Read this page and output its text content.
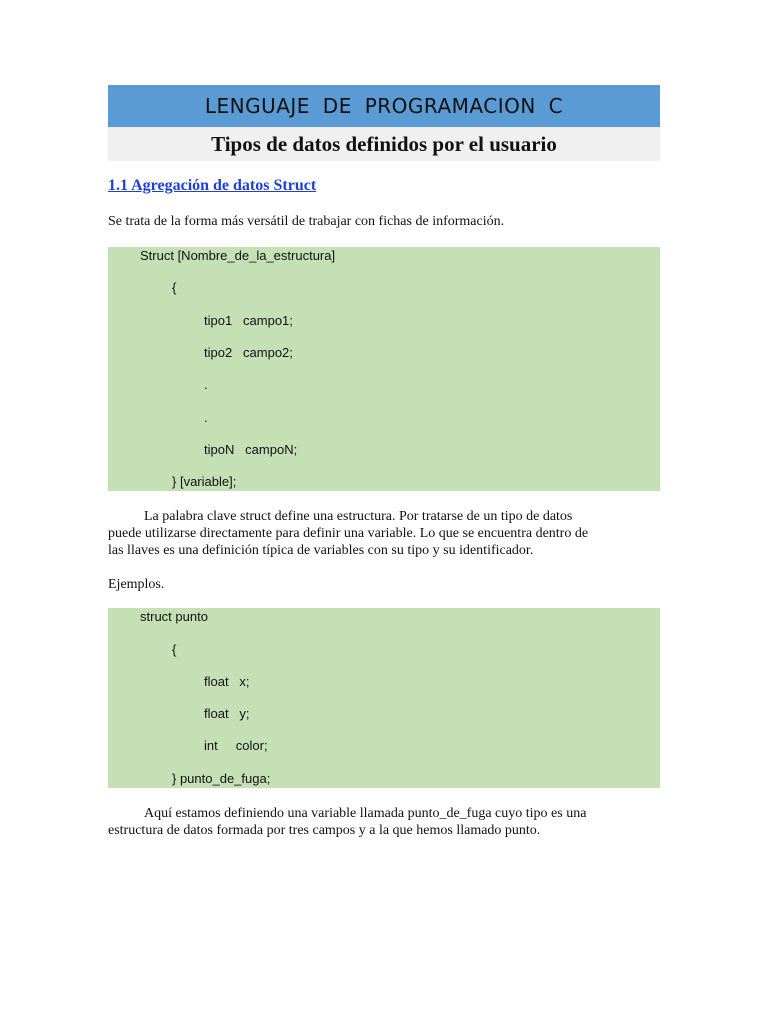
LENGUAJE DE PROGRAMACION C
Tipos de datos definidos por el usuario
1.1 Agregación de datos Struct
Se trata de la forma más versátil de trabajar con fichas de información.
Struct [Nombre_de_la_estructura]
{
tipo1   campo1;
tipo2   campo2;
.
.
tipoN   campoN;
} [variable];
La palabra clave struct define una estructura. Por tratarse de un tipo de datos
puede utilizarse directamente para definir una variable. Lo que se encuentra dentro de
las llaves es una definición típica de variables con su tipo y su identificador.
Ejemplos.
struct punto
{
float   x;
float   y;
int     color;
} punto_de_fuga;
Aquí estamos definiendo una variable llamada punto_de_fuga cuyo tipo es una
estructura de datos formada por tres campos y a la que hemos llamado punto.
